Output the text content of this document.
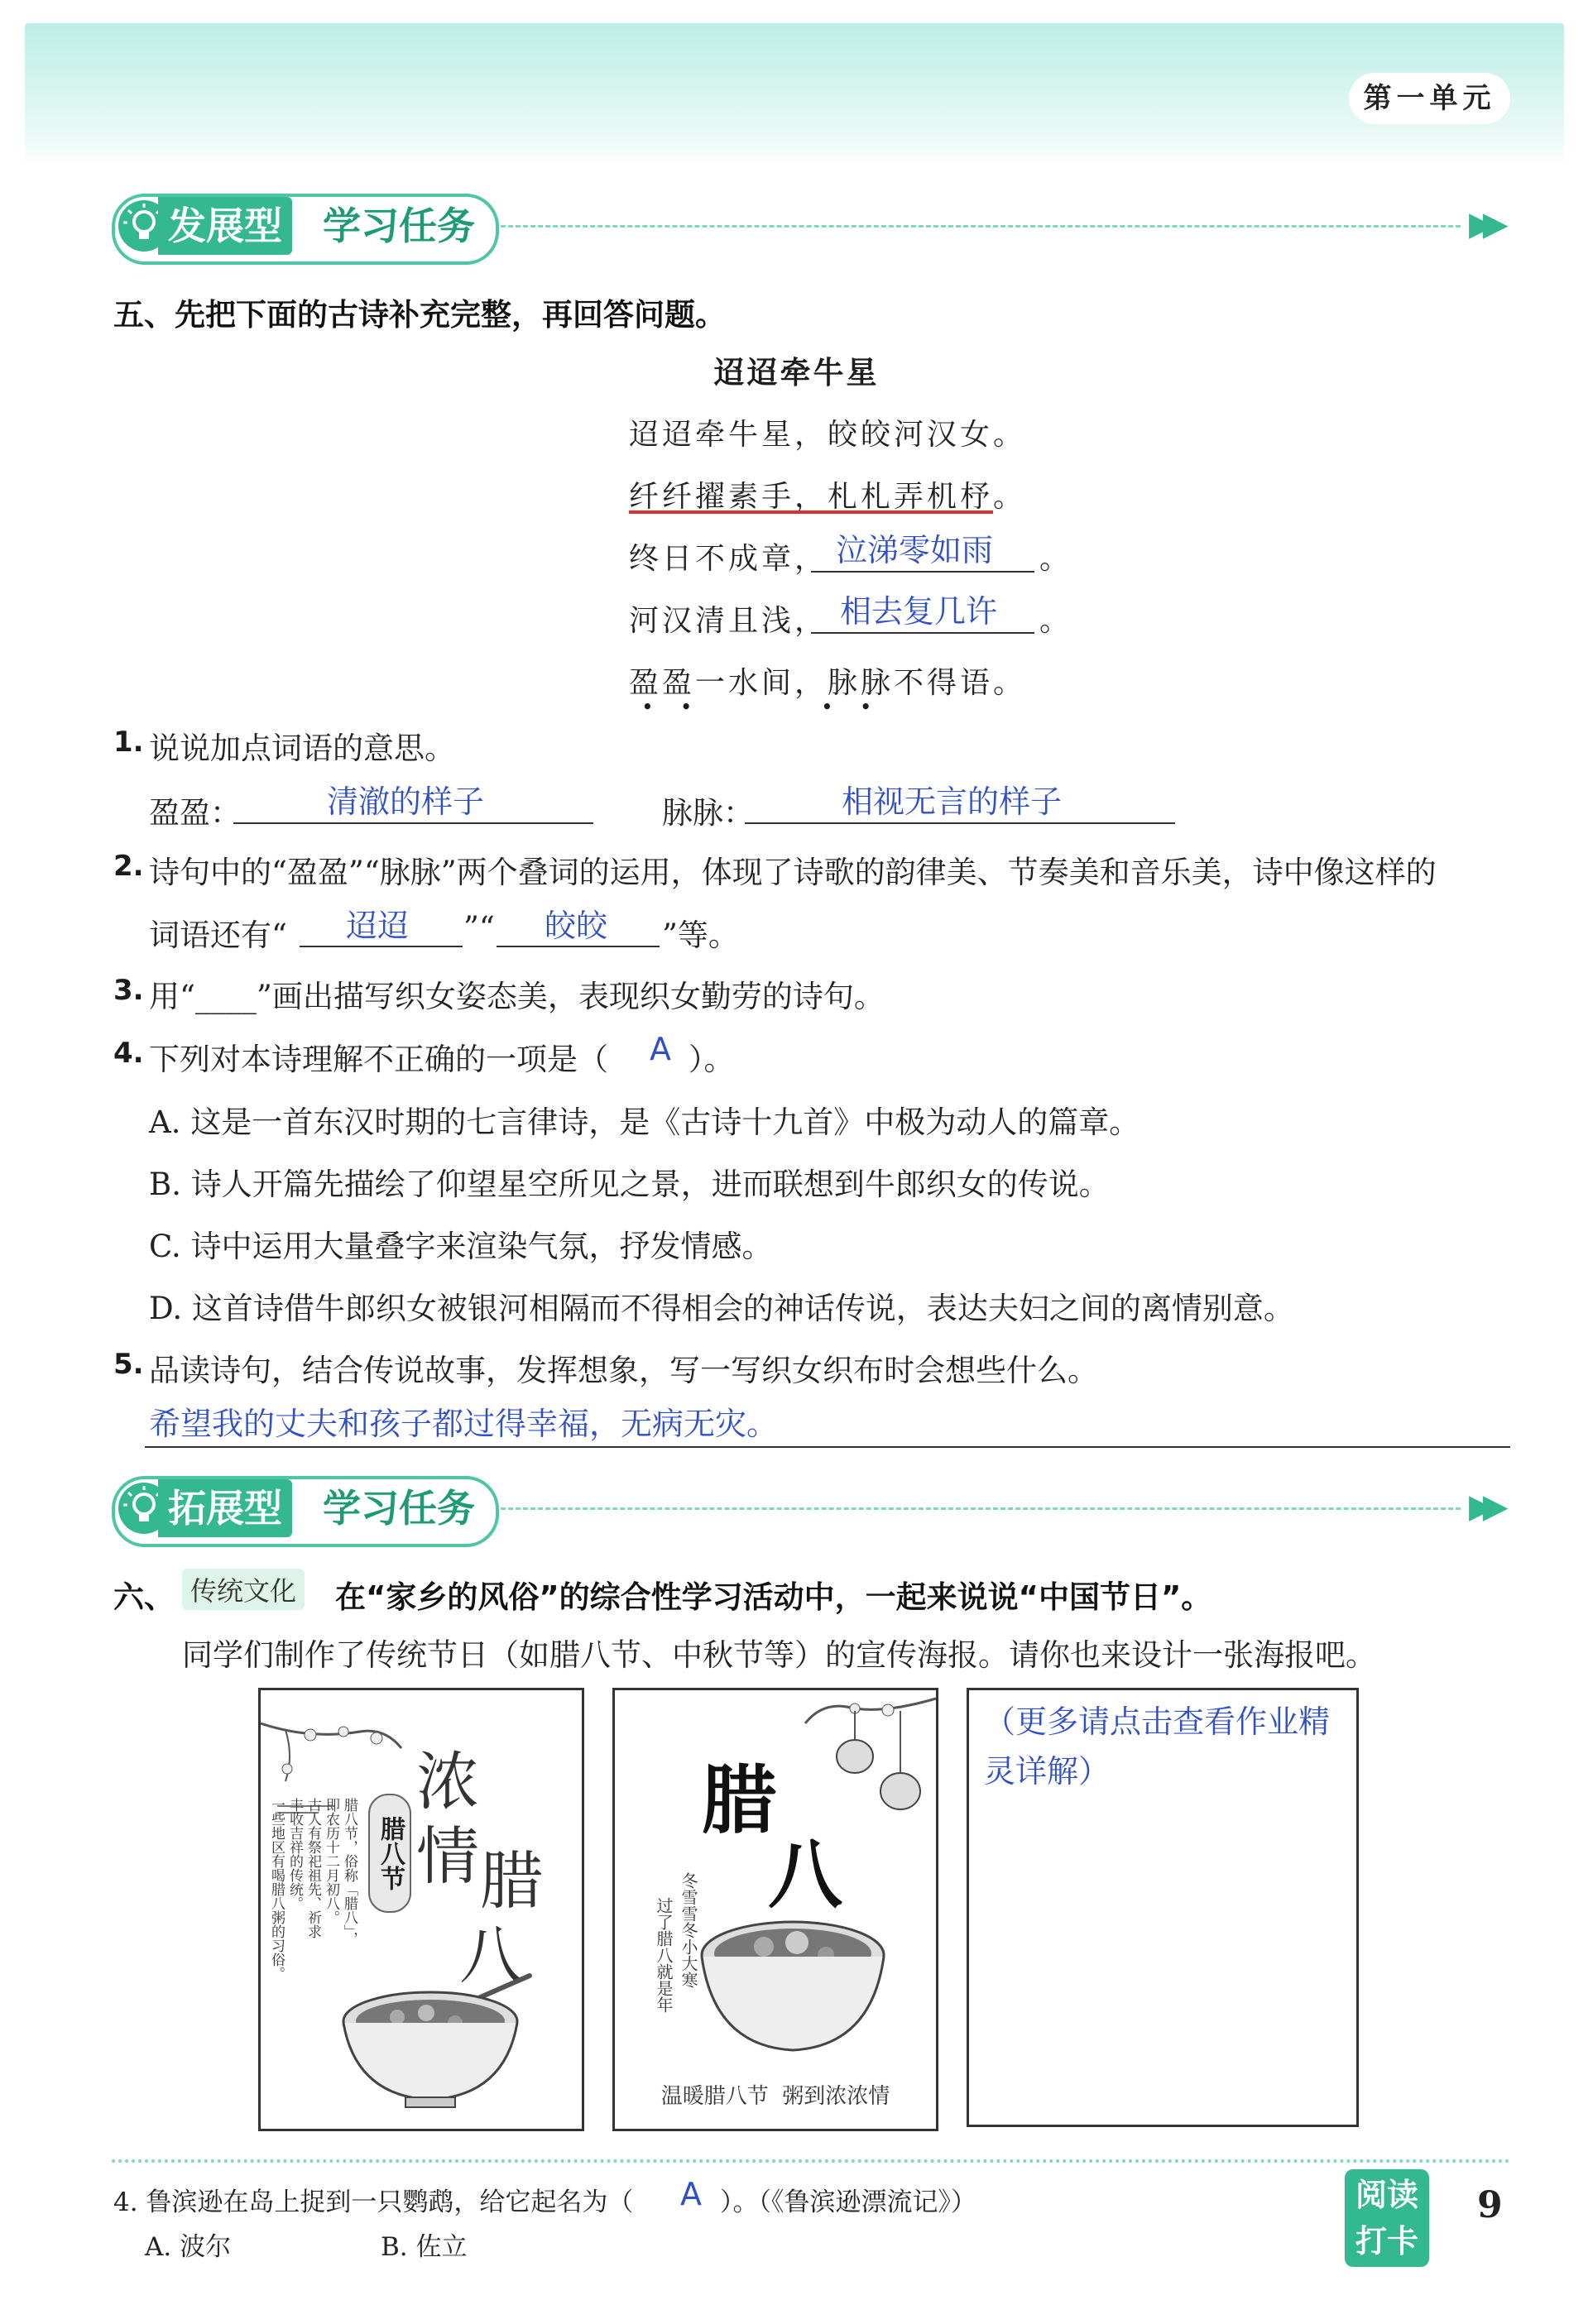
第一单元
发展型 学习任务	▶▶
五、先把下面的古诗补充完整，再回答问题。
迢迢牵牛星
迢迢牵牛星，皎皎河汉女。
纤纤擢素手，札札弄机杼。
终日不成章， 泣涕零如雨 。
河汉清且浅， 相去复几许 。
盈盈一水间，脉脉不得语。
••	••
1. 说说加点词语的意思。
盈盈：	清澈的样子	脉脉：	相视无言的样子
2. 诗句中的“盈盈”“脉脉”两个叠词的运用，体现了诗歌的韵律美、节奏美和音乐美，诗中像这样的
词语还有“ 迢迢 ”“ 皎皎 ”等。
3. 用“____”画出描写织女姿态美，表现织女勤劳的诗句。
4. 下列对本诗理解不正确的一项是（ A ）。
A. 这是一首东汉时期的七言律诗，是《古诗十九首》中极为动人的篇章。
B. 诗人开篇先描绘了仰望星空所见之景，进而联想到牛郎织女的传说。
C. 诗中运用大量叠字来渲染气氛，抒发情感。
D. 这首诗借牛郎织女被银河相隔而不得相会的神话传说，表达夫妇之间的离情别意。
5. 品读诗句，结合传说故事，发挥想象，写一写织女织布时会想些什么。
希望我的丈夫和孩子都过得幸福，无病无灾。
拓展型 学习任务	▶▶
六、 传统文化 在“家乡的风俗”的综合性学习活动中，一起来说说“中国节日”。
同学们制作了传统节日（如腊八节、中秋节等）的宣传海报。请你也来设计一张海报吧。
浓
情 腊
八
腊八节
腊八节，俗称「腊八」，
即农历十二月初八。
古人有祭祀祖先、祈求
丰收吉祥的传统。
一些地区有喝腊八粥的习俗。	腊
八
冬雪雪冬小大寒
过了腊八就是年
温暖腊八节  粥到浓浓情
（更多请点击查看作业精灵详解）
4. 鲁滨逊在岛上捉到一只鹦鹉，给它起名为（ A ）。（《鲁滨逊漂流记》）
A. 波尔	B. 佐立
阅读打卡
9
